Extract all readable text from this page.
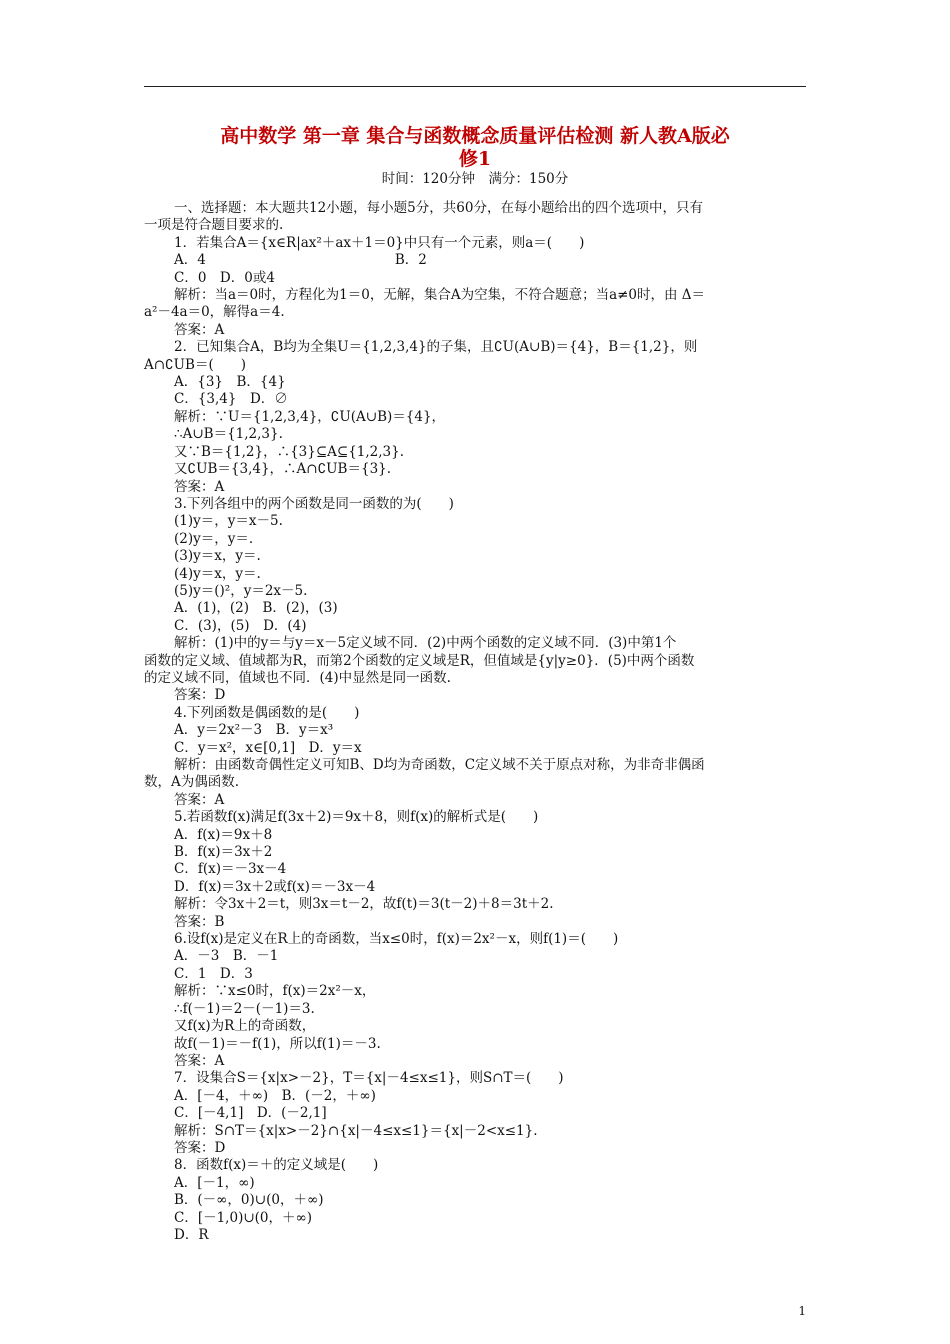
高中数学 第一章 集合与函数概念质量评估检测 新人教A版必
修1
时间：120分钟　满分：150分

一、选择题：本大题共12小题，每小题5分，共60分，在每小题给出的四个选项中，只有

一项是符合题目要求的.

1．若集合A＝{x∈R|ax²＋ax＋1＝0}中只有一个元素，则a＝(　　)

A．4　　　　　　　　　　　　　　B．2

C．0　D．0或4

解析：当a＝0时，方程化为1＝0，无解，集合A为空集，不符合题意；当a≠0时，由 Δ＝

a²－4a＝0，解得a＝4.

答案：A

2．已知集合A，B均为全集U＝{1,2,3,4}的子集，且∁U(A∪B)＝{4}，B＝{1,2}，则

A∩∁UB＝(　　)

A．{3}　B．{4}

C．{3,4}　D．∅

解析：∵U＝{1,2,3,4}，∁U(A∪B)＝{4}，

∴A∪B＝{1,2,3}.

又∵B＝{1,2}，∴{3}⊆A⊆{1,2,3}.

又∁UB＝{3,4}，∴A∩∁UB＝{3}.

答案：A

3.下列各组中的两个函数是同一函数的为(　　)

(1)y＝，y＝x－5.

(2)y＝，y＝.

(3)y＝x，y＝.

(4)y＝x，y＝.

(5)y＝()²，y＝2x－5.

A．(1)，(2)　B．(2)，(3)

C．(3)，(5)　D．(4)

解析：(1)中的y＝与y＝x－5定义域不同．(2)中两个函数的定义域不同．(3)中第1个

函数的定义域、值域都为R，而第2个函数的定义域是R，但值域是{y|y≥0}．(5)中两个函数

的定义域不同，值域也不同．(4)中显然是同一函数.

答案：D

4.下列函数是偶函数的是(　　)

A．y＝2x²－3　B．y＝x³

C．y＝x²，x∈[0,1]　D．y＝x

解析：由函数奇偶性定义可知B、D均为奇函数，C定义域不关于原点对称，为非奇非偶函

数，A为偶函数.

答案：A

5.若函数f(x)满足f(3x＋2)＝9x＋8，则f(x)的解析式是(　　)

A．f(x)＝9x＋8

B．f(x)＝3x＋2

C．f(x)＝－3x－4

D．f(x)＝3x＋2或f(x)＝－3x－4

解析：令3x＋2＝t，则3x＝t－2，故f(t)＝3(t－2)＋8＝3t＋2.

答案：B

6.设f(x)是定义在R上的奇函数，当x≤0时，f(x)＝2x²－x，则f(1)＝(　　)

A．－3　B．－1

C．1　D．3

解析：∵x≤0时，f(x)＝2x²－x，

∴f(－1)＝2－(－1)＝3.

又f(x)为R上的奇函数，

故f(－1)＝－f(1)，所以f(1)＝－3.

答案：A

7．设集合S＝{x|x>－2}，T＝{x|－4≤x≤1}，则S∩T＝(　　)

A．[－4，＋∞)　B．(－2，＋∞)

C．[－4,1]　D．(－2,1]

解析：S∩T＝{x|x>－2}∩{x|－4≤x≤1}＝{x|－2<x≤1}.

答案：D

8．函数f(x)＝＋的定义域是(　　)

A．[－1，∞)

B．(－∞，0)∪(0，＋∞)

C．[－1,0)∪(0，＋∞)

D．R

1
